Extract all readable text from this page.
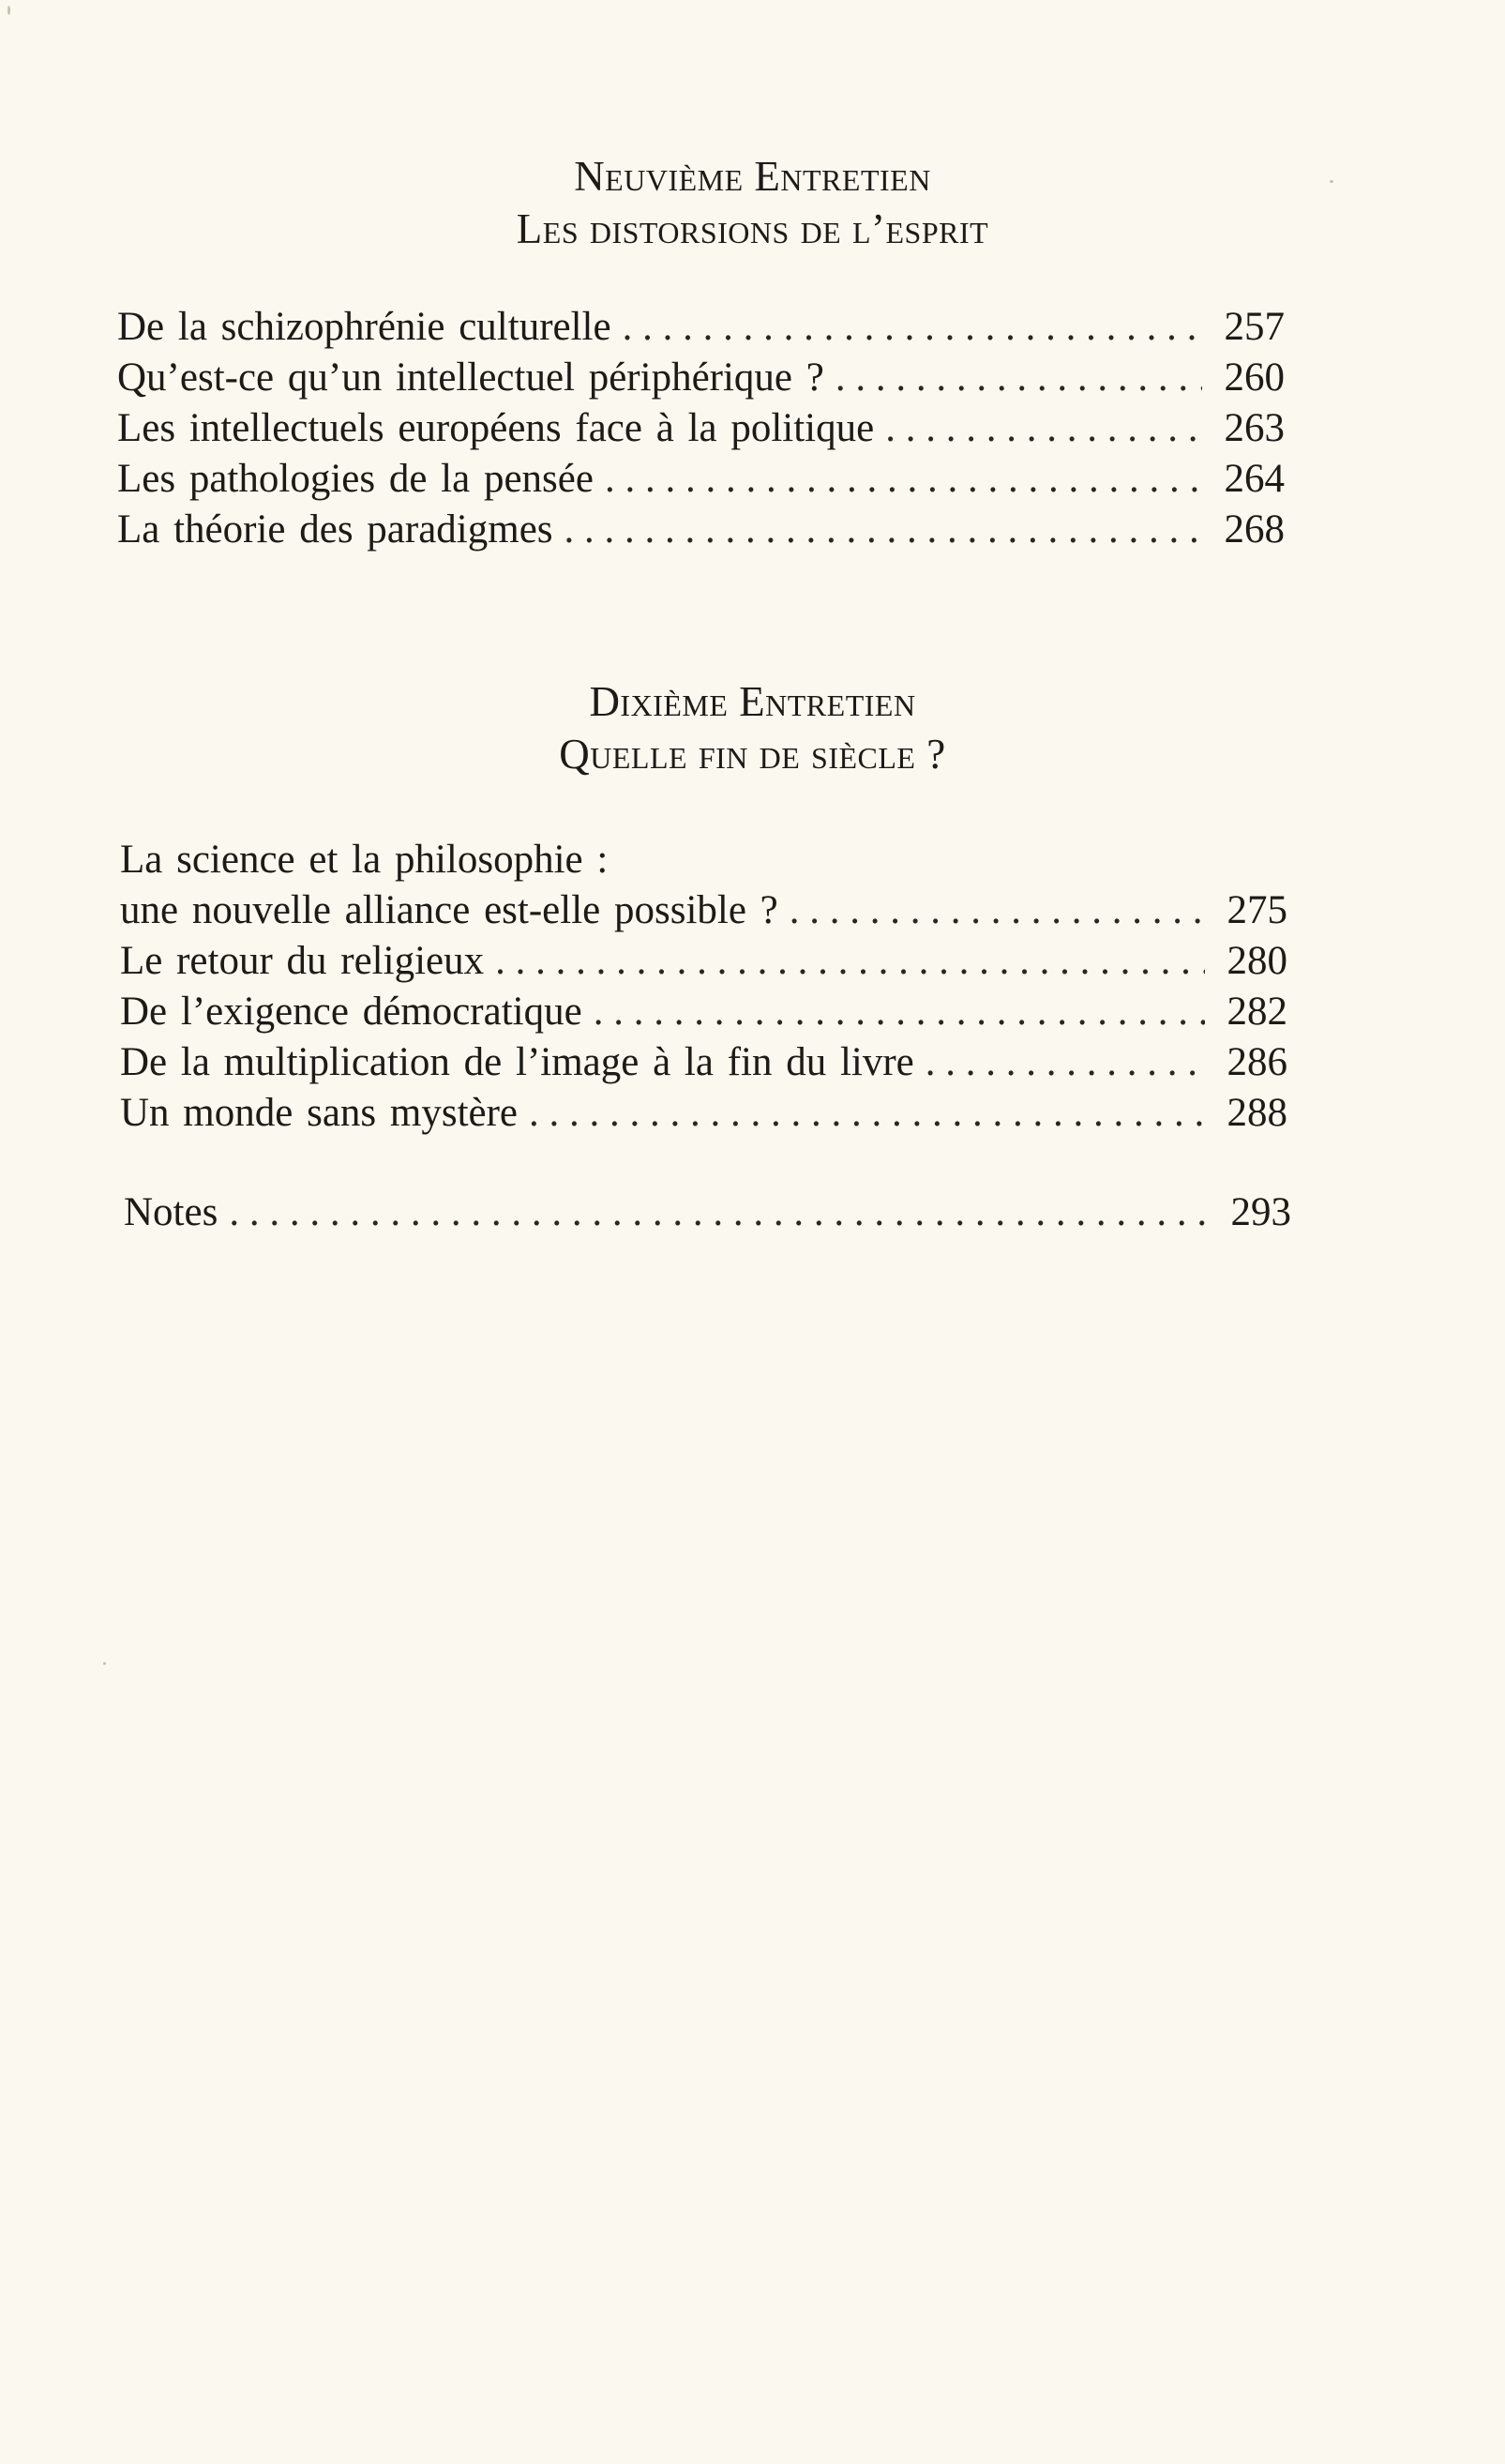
Neuvième Entretien
Les distorsions de l’esprit
De la schizophrénie culturelle . . .	257
Qu’est-ce qu’un intellectuel périphérique ? . . .	260
Les intellectuels européens face à la politique . . .	263
Les pathologies de la pensée . . .	264
La théorie des paradigmes . . .	268
Dixième Entretien
Quelle fin de siècle ?
La science et la philosophie :
une nouvelle alliance est-elle possible ? . . .	275
Le retour du religieux . . .	280
De l’exigence démocratique . . .	282
De la multiplication de l’image à la fin du livre . . .	286
Un monde sans mystère . . .	288
Notes . . .	293
